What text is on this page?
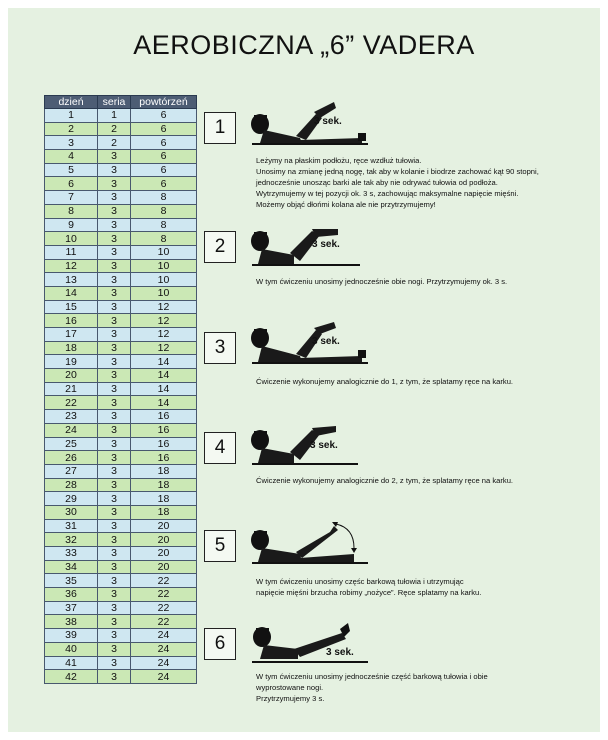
AEROBICZNA „6” VADERA
dzień	seria	powtórzeń
1	1	6
2	2	6
3	2	6
4	3	6
5	3	6
6	3	6
7	3	8
8	3	8
9	3	8
10	3	8
11	3	10
12	3	10
13	3	10
14	3	10
15	3	12
16	3	12
17	3	12
18	3	12
19	3	14
20	3	14
21	3	14
22	3	14
23	3	16
24	3	16
25	3	16
26	3	16
27	3	18
28	3	18
29	3	18
30	3	18
31	3	20
32	3	20
33	3	20
34	3	20
35	3	22
36	3	22
37	3	22
38	3	22
39	3	24
40	3	24
41	3	24
42	3	24
1	3 sek.
Leżymy na płaskim podłożu, ręce wzdłuż tułowia.
Unosimy na zmianę jedną nogę, tak aby w kolanie i biodrze zachować kąt 90 stopni,
jednocześnie unosząc barki ale tak aby nie odrywać tułowia od podłoża.
Wytrzymujemy w tej pozycji ok. 3 s, zachowując maksymalne napięcie mięśni.
Możemy objąć dłońmi kolana ale nie przytrzymujemy!
2	3 sek.
W tym ćwiczeniu unosimy jednocześnie obie nogi. Przytrzymujemy ok. 3 s.
3	3 sek.
Ćwiczenie wykonujemy analogicznie do 1, z tym, że splatamy ręce na karku.
4	3 sek.
Ćwiczenie wykonujemy analogicznie do 2, z tym, że splatamy ręce na karku.
5
W tym ćwiczeniu unosimy częśc barkową tułowia i utrzymując
napięcie mięśni brzucha robimy „nożyce”. Ręce splatamy na karku.
6	3 sek.
W tym ćwiczeniu unosimy jednocześnie część barkową tułowia i obie
wyprostowane nogi.
Przytrzymujemy 3 s.
